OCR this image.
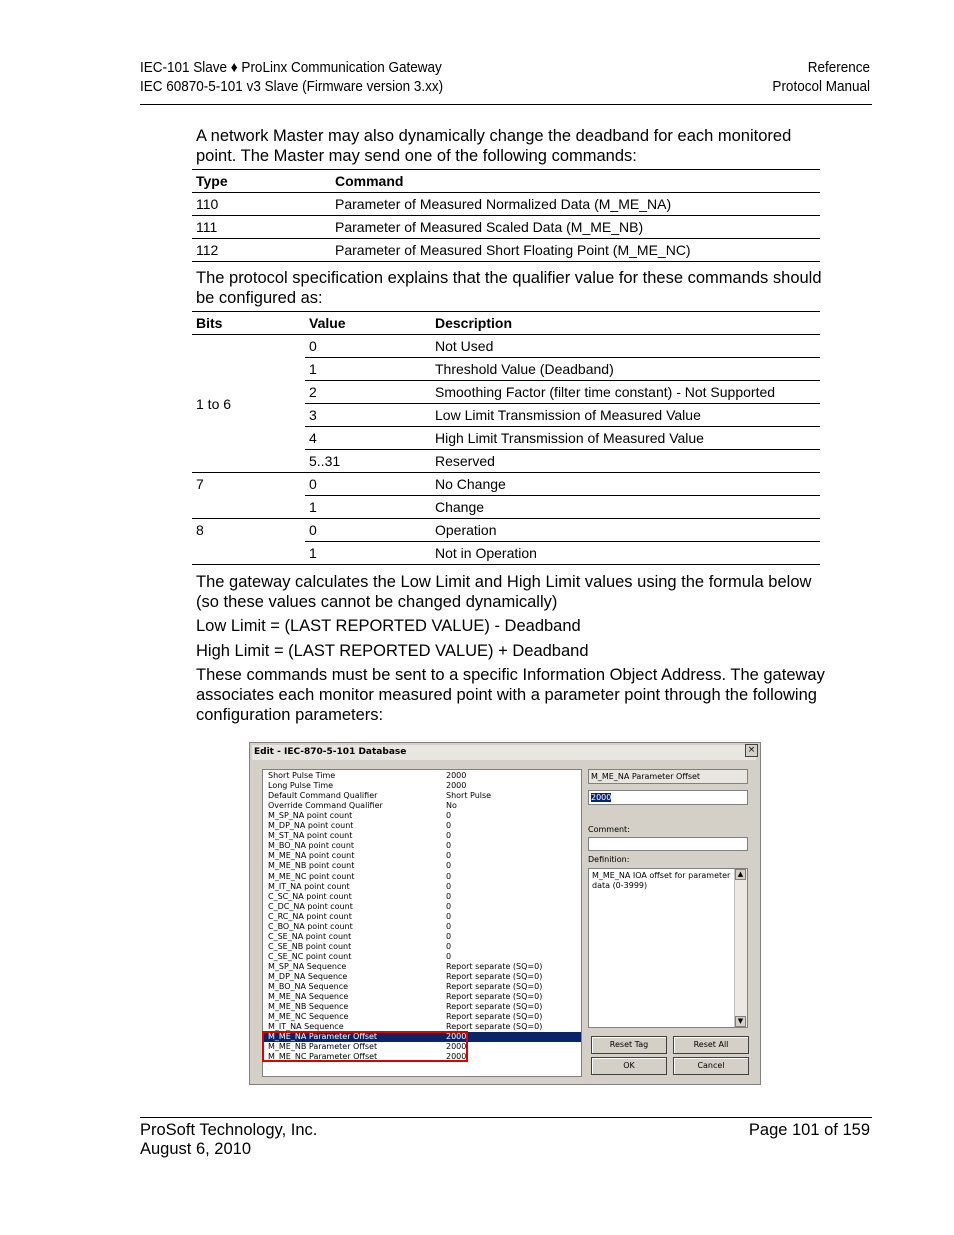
IEC-101 Slave ♦ ProLinx Communication Gateway
IEC 60870-5-101 v3 Slave (Firmware version 3.xx)
Reference
Protocol Manual
A network Master may also dynamically change the deadband for each monitored point. The Master may send one of the following commands:
Type	Command
110	Parameter of Measured Normalized Data (M_ME_NA)
111	Parameter of Measured Scaled Data (M_ME_NB)
112	Parameter of Measured Short Floating Point (M_ME_NC)
The protocol specification explains that the qualifier value for these commands should be configured as:
Bits	Value	Description
1 to 6	0	Not Used
	1	Threshold Value (Deadband)
	2	Smoothing Factor (filter time constant) - Not Supported
	3	Low Limit Transmission of Measured Value
	4	High Limit Transmission of Measured Value
	5..31	Reserved
7	0	No Change
	1	Change
8	0	Operation
	1	Not in Operation
The gateway calculates the Low Limit and High Limit values using the formula below (so these values cannot be changed dynamically)
Low Limit = (LAST REPORTED VALUE) - Deadband
High Limit = (LAST REPORTED VALUE) + Deadband
These commands must be sent to a specific Information Object Address. The gateway associates each monitor measured point with a parameter point through the following configuration parameters:
Edit - IEC-870-5-101 Database	×
Short Pulse Time	2000
Long Pulse Time	2000
Default Command Qualifier	Short Pulse
Override Command Qualifier	No
M_SP_NA point count	0
M_DP_NA point count	0
M_ST_NA point count	0
M_BO_NA point count	0
M_ME_NA point count	0
M_ME_NB point count	0
M_ME_NC point count	0
M_IT_NA point count	0
C_SC_NA point count	0
C_DC_NA point count	0
C_RC_NA point count	0
C_BO_NA point count	0
C_SE_NA point count	0
C_SE_NB point count	0
C_SE_NC point count	0
M_SP_NA Sequence	Report separate (SQ=0)
M_DP_NA Sequence	Report separate (SQ=0)
M_BO_NA Sequence	Report separate (SQ=0)
M_ME_NA Sequence	Report separate (SQ=0)
M_ME_NB Sequence	Report separate (SQ=0)
M_ME_NC Sequence	Report separate (SQ=0)
M_IT_NA Sequence	Report separate (SQ=0)
M_ME_NA Parameter Offset	2000
M_ME_NB Parameter Offset	2000
M_ME_NC Parameter Offset	2000
M_ME_NA Parameter Offset
2000
Comment:
Definition:
M_ME_NA IOA offset for parameter data (0-3999)
▲
▼
Reset Tag	Reset All
OK	Cancel
ProSoft Technology, Inc.
August 6, 2010
Page 101 of 159
